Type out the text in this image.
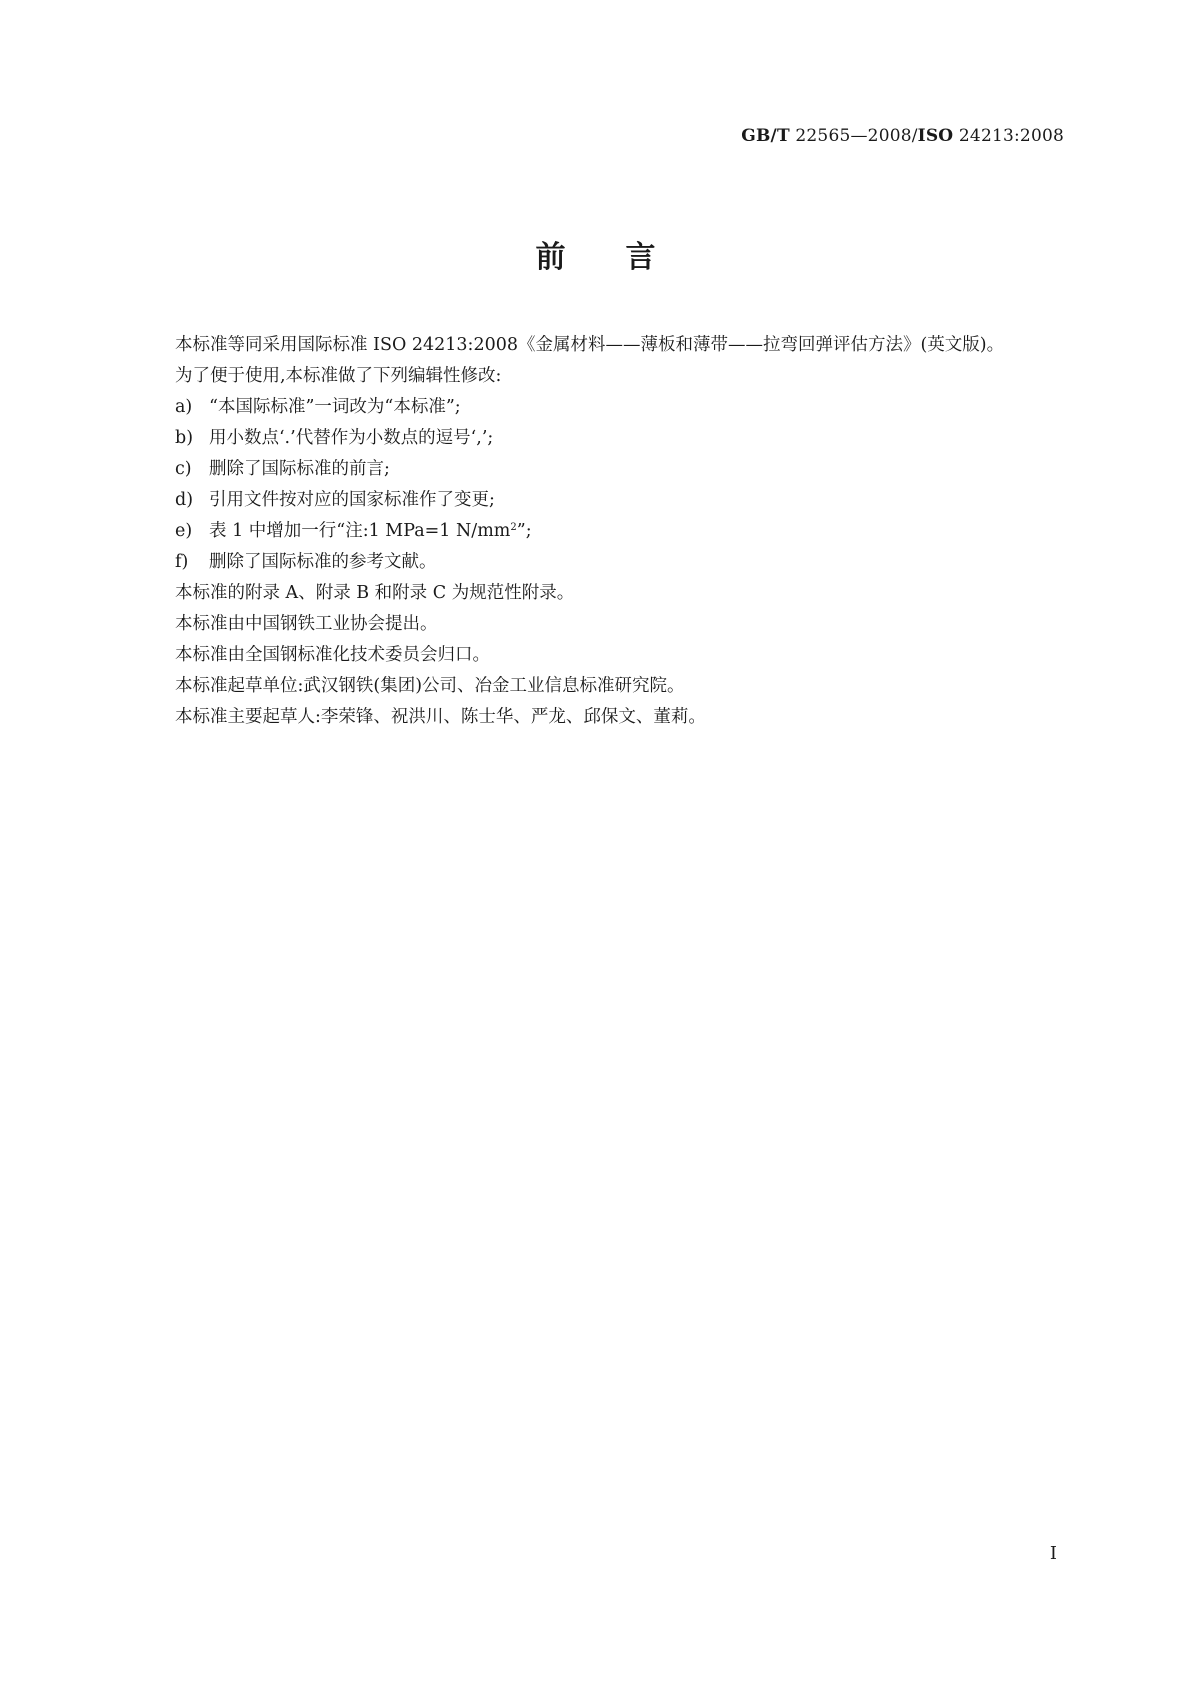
GB/T 22565—2008/ISO 24213:2008
前　　言

本标准等同采用国际标准 ISO 24213:2008《金属材料——薄板和薄带——拉弯回弹评估方法》(英文版)。

为了便于使用,本标准做了下列编辑性修改:

a) “本国际标准”一词改为“本标准”;

b) 用小数点‘.’代替作为小数点的逗号‘,’;

c) 删除了国际标准的前言;

d) 引用文件按对应的国家标准作了变更;

e) 表 1 中增加一行“注:1 MPa=1 $N/mm^2$”;

f) 删除了国际标准的参考文献。

本标准的附录 A、附录 B 和附录 C 为规范性附录。

本标准由中国钢铁工业协会提出。

本标准由全国钢标准化技术委员会归口。

本标准起草单位:武汉钢铁(集团)公司、冶金工业信息标准研究院。

本标准主要起草人:李荣锋、祝洪川、陈士华、严龙、邱保文、董莉。

I
